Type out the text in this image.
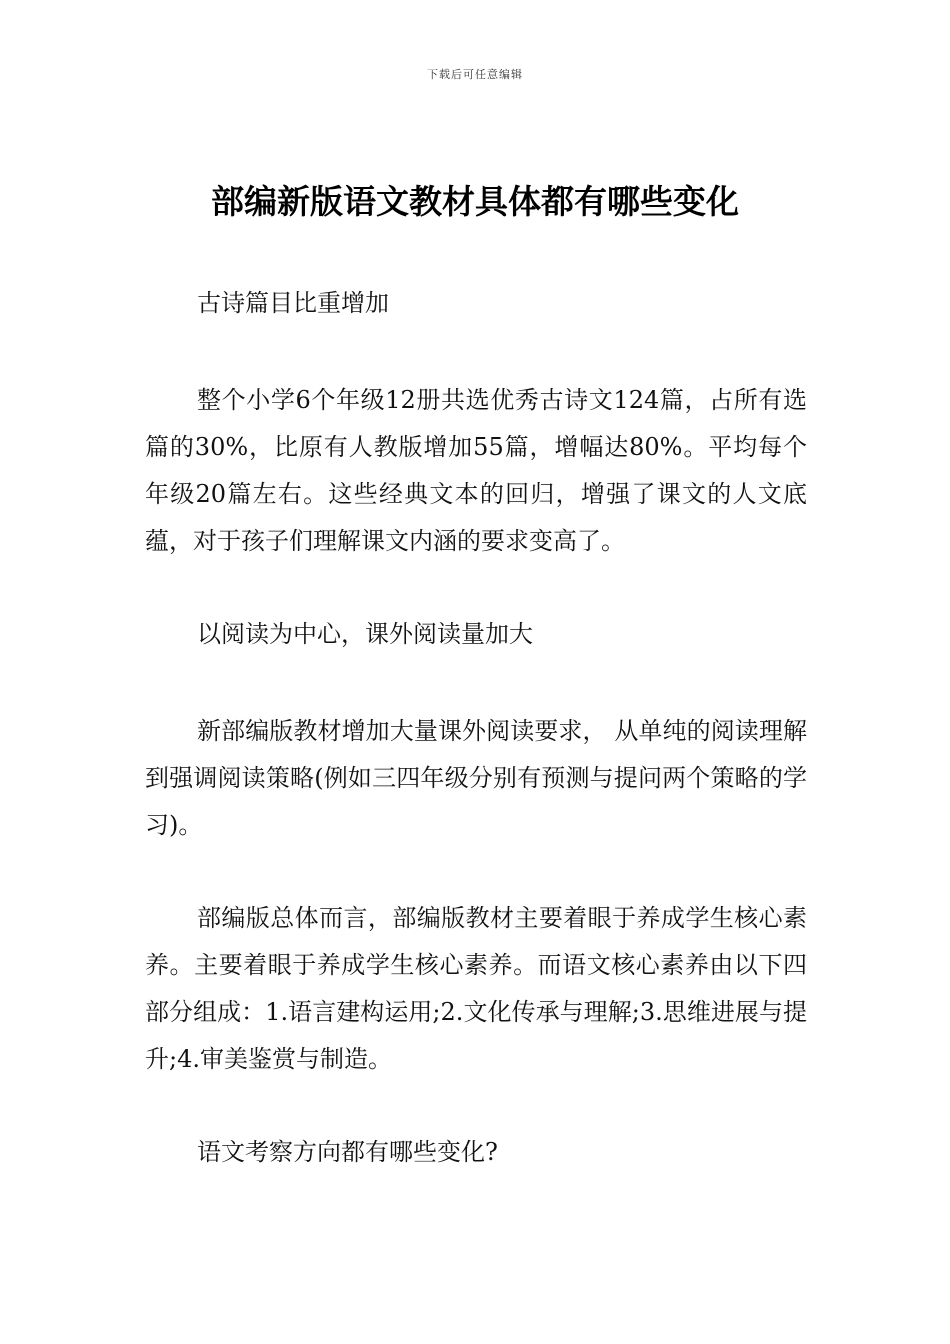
下载后可任意编辑
部编新版语文教材具体都有哪些变化

古诗篇目比重增加

整个小学6个年级12册共选优秀古诗文124篇，占所有选篇的30%，比原有人教版增加55篇，增幅达80%。平均每个年级20篇左右。这些经典文本的回归，增强了课文的人文底蕴，对于孩子们理解课文内涵的要求变高了。

以阅读为中心，课外阅读量加大

新部编版教材增加大量课外阅读要求， 从单纯的阅读理解到强调阅读策略(例如三四年级分别有预测与提问两个策略的学习)。

部编版总体而言，部编版教材主要着眼于养成学生核心素养。主要着眼于养成学生核心素养。而语文核心素养由以下四部分组成：1.语言建构运用;2.文化传承与理解;3.思维进展与提升;4.审美鉴赏与制造。

语文考察方向都有哪些变化?
